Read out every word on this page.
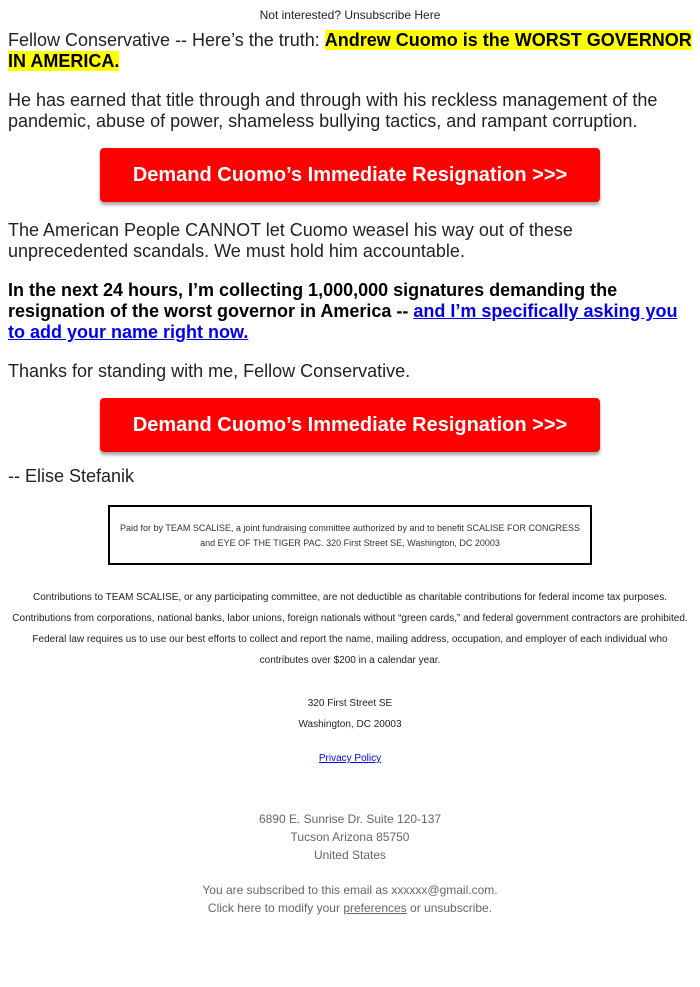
Not interested? Unsubscribe Here

Fellow Conservative -- Here’s the truth: Andrew Cuomo is the WORST GOVERNOR IN AMERICA.

He has earned that title through and through with his reckless management of the pandemic, abuse of power, shameless bullying tactics, and rampant corruption.

Demand Cuomo’s Immediate Resignation >>>

The American People CANNOT let Cuomo weasel his way out of these unprecedented scandals. We must hold him accountable.

In the next 24 hours, I’m collecting 1,000,000 signatures demanding the resignation of the worst governor in America -- and I’m specifically asking you to add your name right now.

Thanks for standing with me, Fellow Conservative.

Demand Cuomo’s Immediate Resignation >>>

-- Elise Stefanik

Paid for by TEAM SCALISE, a joint fundraising committee authorized by and to benefit SCALISE FOR CONGRESS and EYE OF THE TIGER PAC. 320 First Street SE, Washington, DC 20003
Contributions to TEAM SCALISE, or any participating committee, are not deductible as charitable contributions for federal income tax purposes. Contributions from corporations, national banks, labor unions, foreign nationals without “green cards,” and federal government contractors are prohibited. Federal law requires us to use our best efforts to collect and report the name, mailing address, occupation, and employer of each individual who contributes over $200 in a calendar year.
320 First Street SE
Washington, DC 20003
Privacy Policy
6890 E. Sunrise Dr. Suite 120-137
Tucson Arizona 85750
United States
You are subscribed to this email as xxxxxx@gmail.com.
Click here to modify your preferences or unsubscribe.
